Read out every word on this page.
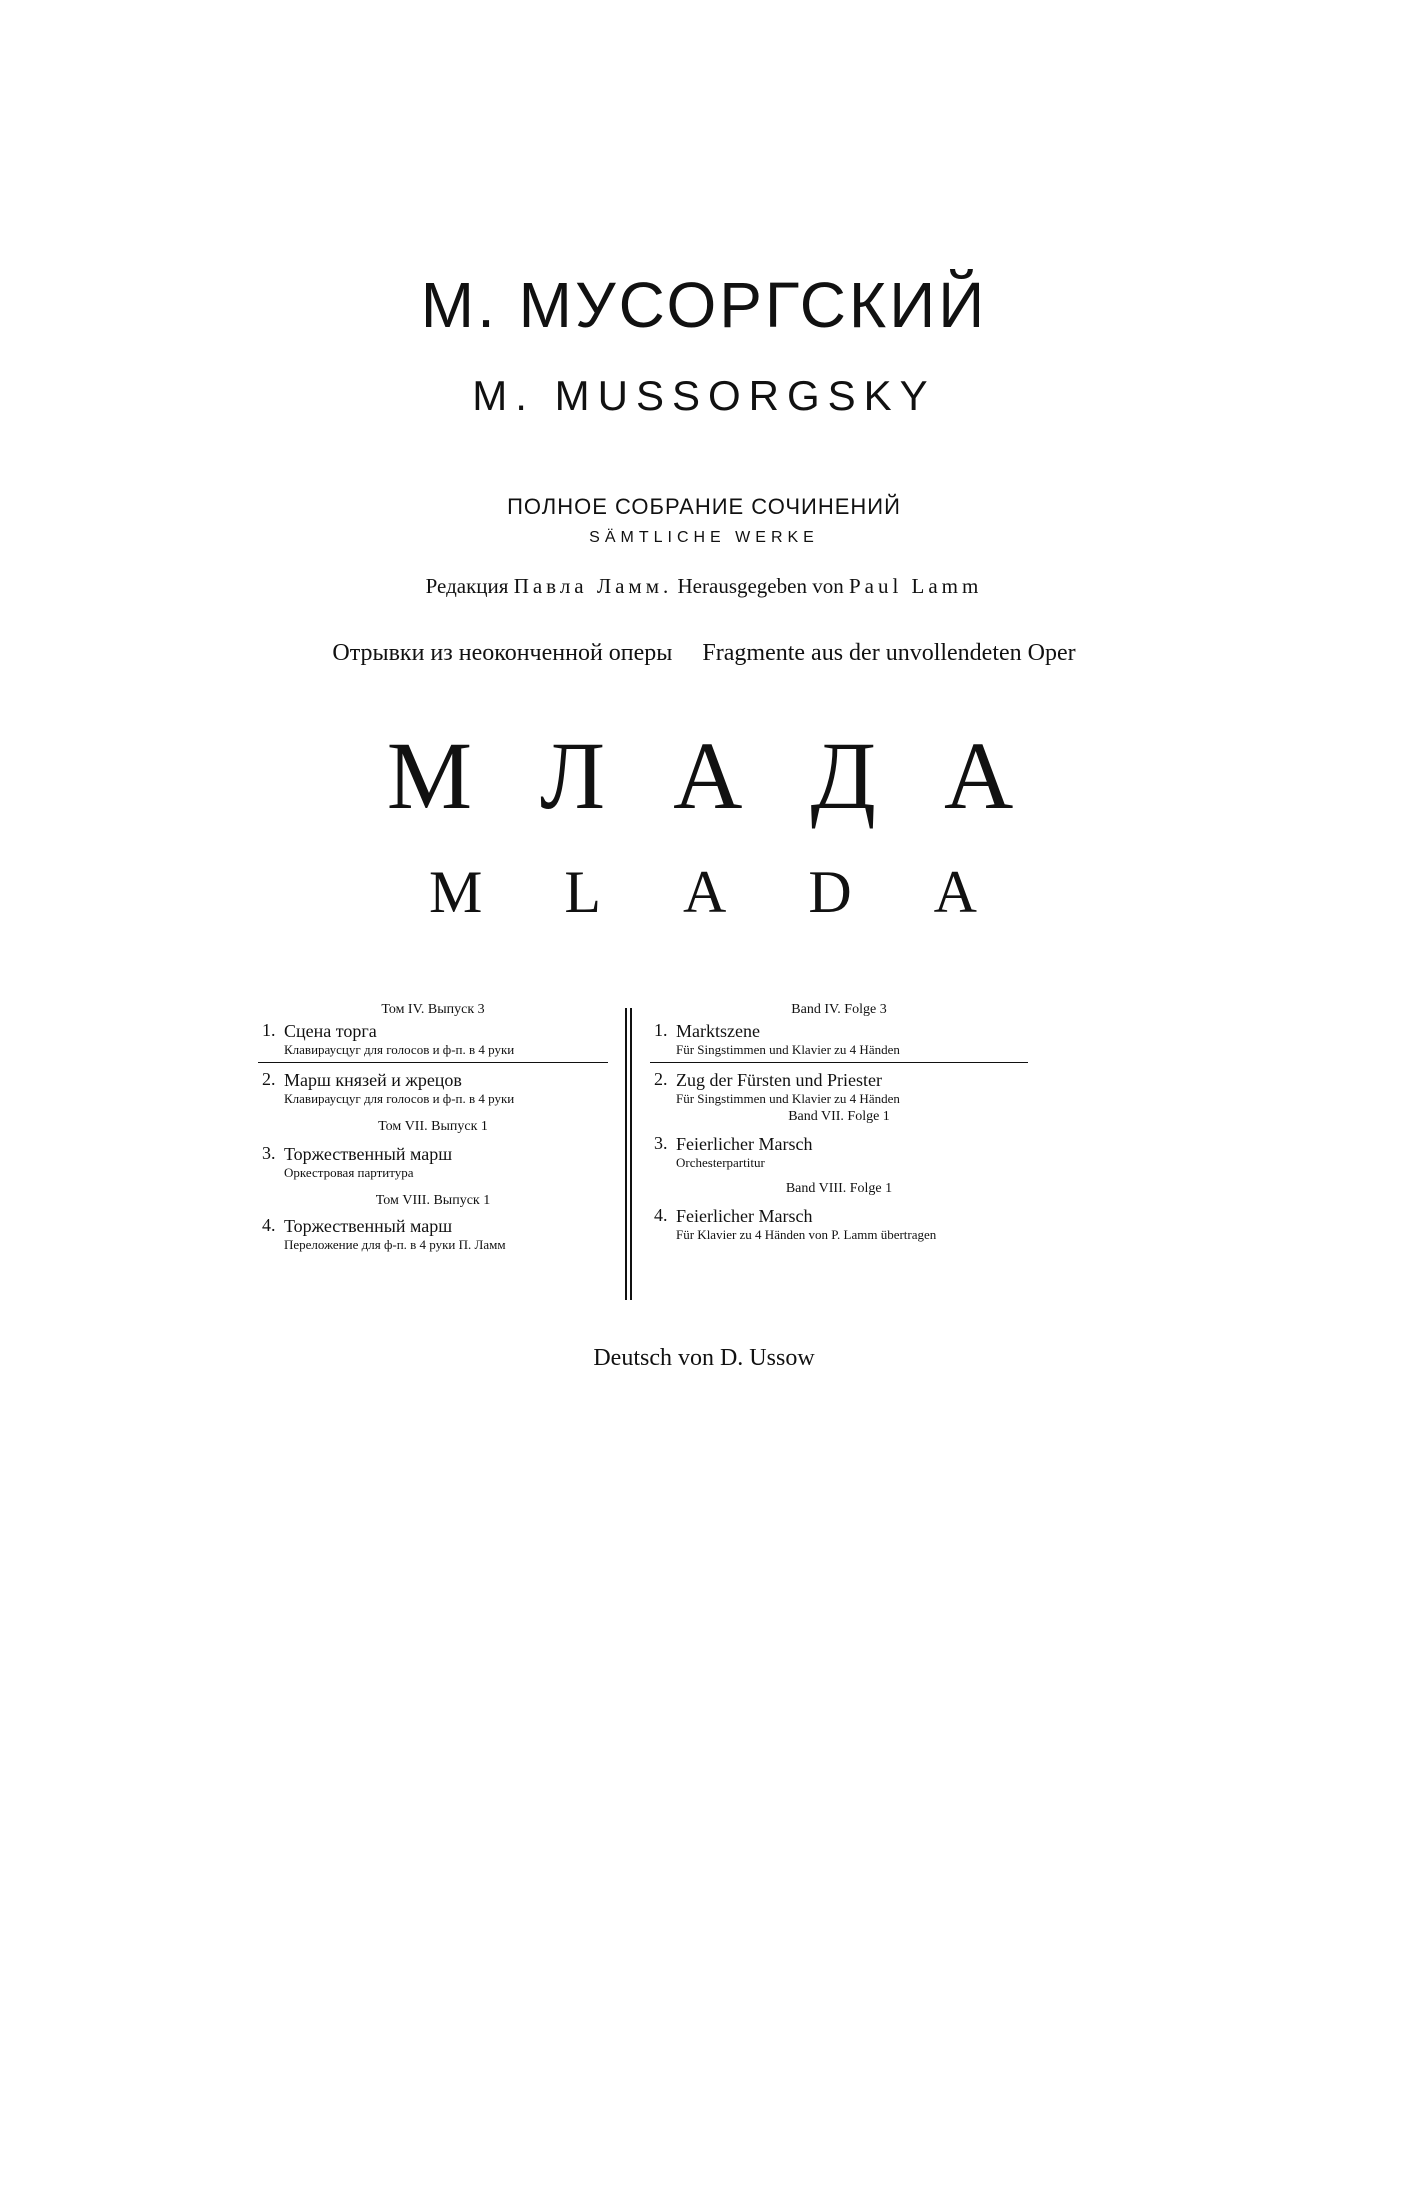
М. МУСОРГСКИЙ
M. MUSSORGSKY
ПОЛНОЕ СОБРАНИЕ СОЧИНЕНИЙ
SÄMTLICHE WERKE
Редакция Павла Ламм. Herausgegeben von Paul Lamm
Отрывки из неоконченной оперы Fragmente aus der unvollendeten Oper
МЛАДА
MLADA

Том IV. Выпуск 3

1. Сцена торга
Клавираусцуг для голосов и ф-п. в 4 руки
2. Марш князей и жрецов
Клавираусцуг для голосов и ф-п. в 4 руки

Том VII. Выпуск 1

3. Торжественный марш
Оркестровая партитура

Том VIII. Выпуск 1

4. Торжественный марш
Переложение для ф-п. в 4 руки П. Ламм

Band IV. Folge 3

1. Marktszene
Für Singstimmen und Klavier zu 4 Händen
2. Zug der Fürsten und Priester
Für Singstimmen und Klavier zu 4 Händen

Band VII. Folge 1

3. Feierlicher Marsch
Orchesterpartitur

Band VIII. Folge 1

4. Feierlicher Marsch
Für Klavier zu 4 Händen von P. Lamm übertragen
Deutsch von D. Ussow
